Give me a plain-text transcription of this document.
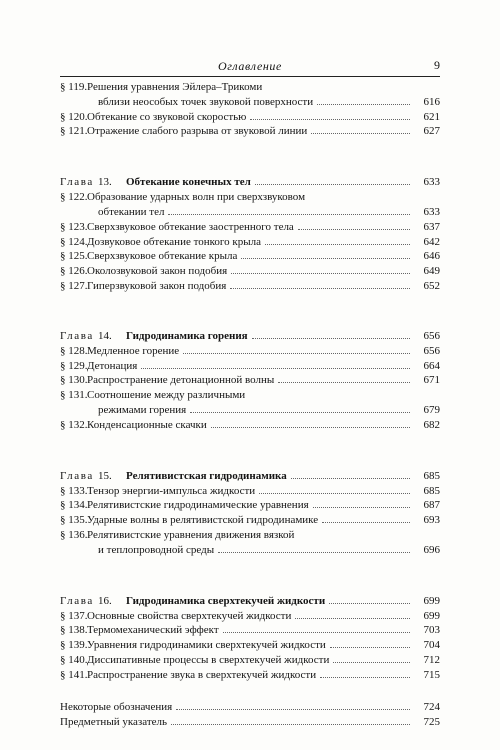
Оглавление	9
§ 119. Решения уравнения Эйлера–Трикоми
вблизи неособых точек звуковой поверхности	616
§ 120. Обтекание со звуковой скоростью	621
§ 121. Отражение слабого разрыва от звуковой линии	627
Глава 13. Обтекание конечных тел	633
§ 122. Образование ударных волн при сверхзвуковом
обтекании тел	633
§ 123. Сверхзвуковое обтекание заостренного тела	637
§ 124. Дозвуковое обтекание тонкого крыла	642
§ 125. Сверхзвуковое обтекание крыла	646
§ 126. Околозвуковой закон подобия	649
§ 127. Гиперзвуковой закон подобия	652
Глава 14. Гидродинамика горения	656
§ 128. Медленное горение	656
§ 129. Детонация	664
§ 130. Распространение детонационной волны	671
§ 131. Соотношение между различными
режимами горения	679
§ 132. Конденсационные скачки	682
Глава 15. Релятивистская гидродинамика	685
§ 133. Тензор энергии-импульса жидкости	685
§ 134. Релятивистские гидродинамические уравнения	687
§ 135. Ударные волны в релятивистской гидродинамике	693
§ 136. Релятивистские уравнения движения вязкой
и теплопроводной среды	696
Глава 16. Гидродинамика сверхтекучей жидкости	699
§ 137. Основные свойства сверхтекучей жидкости	699
§ 138. Термомеханический эффект	703
§ 139. Уравнения гидродинамики сверхтекучей жидкости	704
§ 140. Диссипативные процессы в сверхтекучей жидкости	712
§ 141. Распространение звука в сверхтекучей жидкости	715
Некоторые обозначения	724
Предметный указатель	725
